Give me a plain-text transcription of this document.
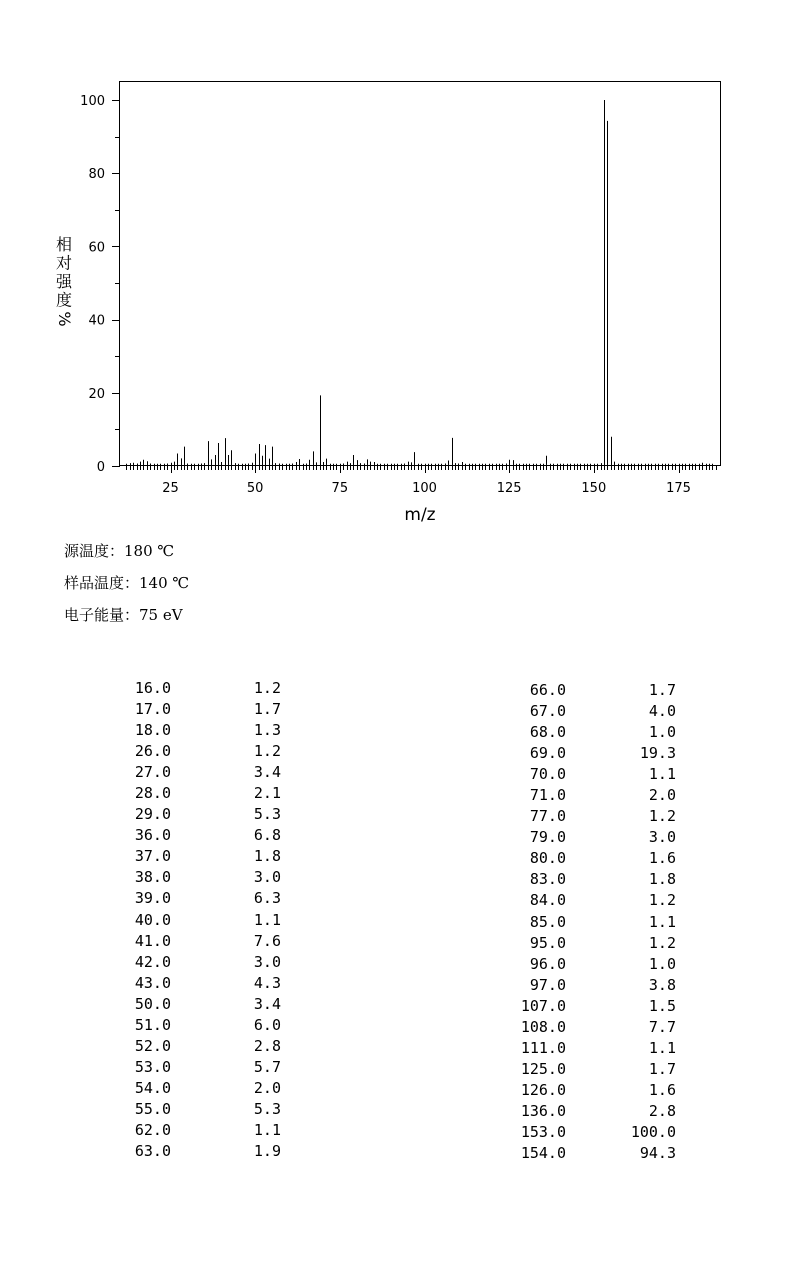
0
20
40
60
80
100
25	50	75	100	125	150	175
m/z
相
对
强
度
%
源温度：180 ℃
样品温度：140 ℃
电子能量：75 eV
16.0	1.2
17.0	1.7
18.0	1.3
26.0	1.2
27.0	3.4
28.0	2.1
29.0	5.3
36.0	6.8
37.0	1.8
38.0	3.0
39.0	6.3
40.0	1.1
41.0	7.6
42.0	3.0
43.0	4.3
50.0	3.4
51.0	6.0
52.0	2.8
53.0	5.7
54.0	2.0
55.0	5.3
62.0	1.1
63.0	1.9
66.0	1.7
67.0	4.0
68.0	1.0
69.0	19.3
70.0	1.1
71.0	2.0
77.0	1.2
79.0	3.0
80.0	1.6
83.0	1.8
84.0	1.2
85.0	1.1
95.0	1.2
96.0	1.0
97.0	3.8
107.0	1.5
108.0	7.7
111.0	1.1
125.0	1.7
126.0	1.6
136.0	2.8
153.0	100.0
154.0	94.3
